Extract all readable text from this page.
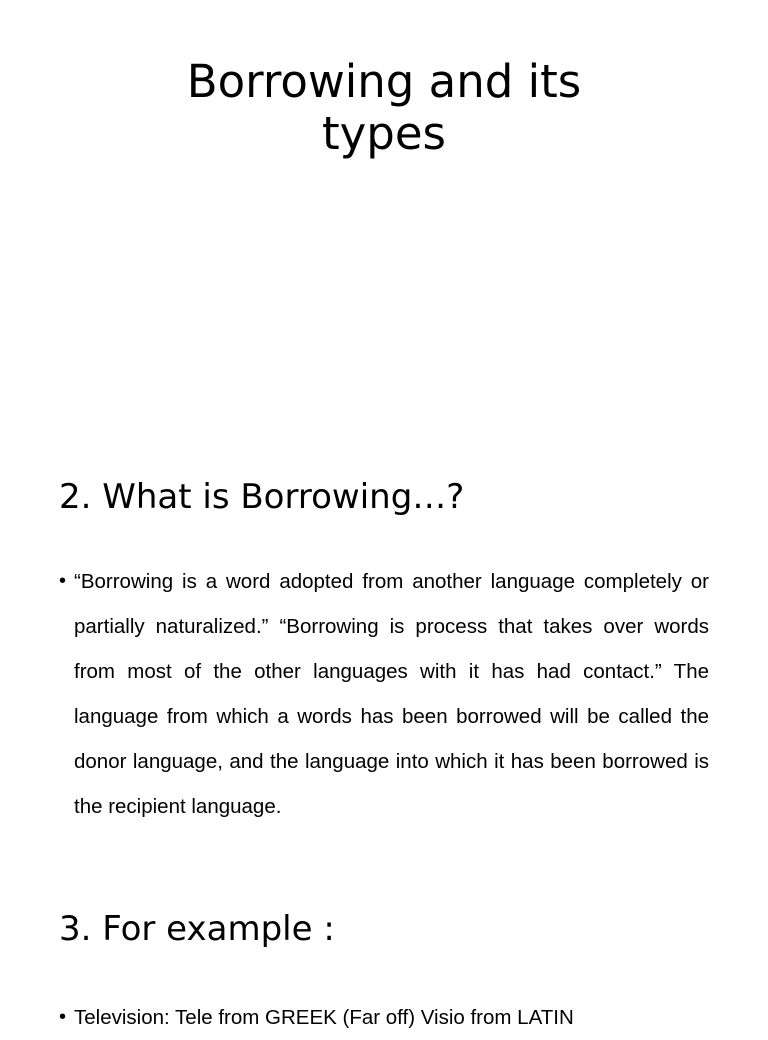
Borrowing and its
types
2. What is Borrowing…?
• “Borrowing is a word adopted from another language completely or partially naturalized.” “Borrowing is process that takes over words from most of the other languages with it has had contact.” The language from which a words has been borrowed will be called the donor language, and the language into which it has been borrowed is the recipient language.
3. For example :
• Television: Tele from GREEK (Far off) Visio from LATIN
